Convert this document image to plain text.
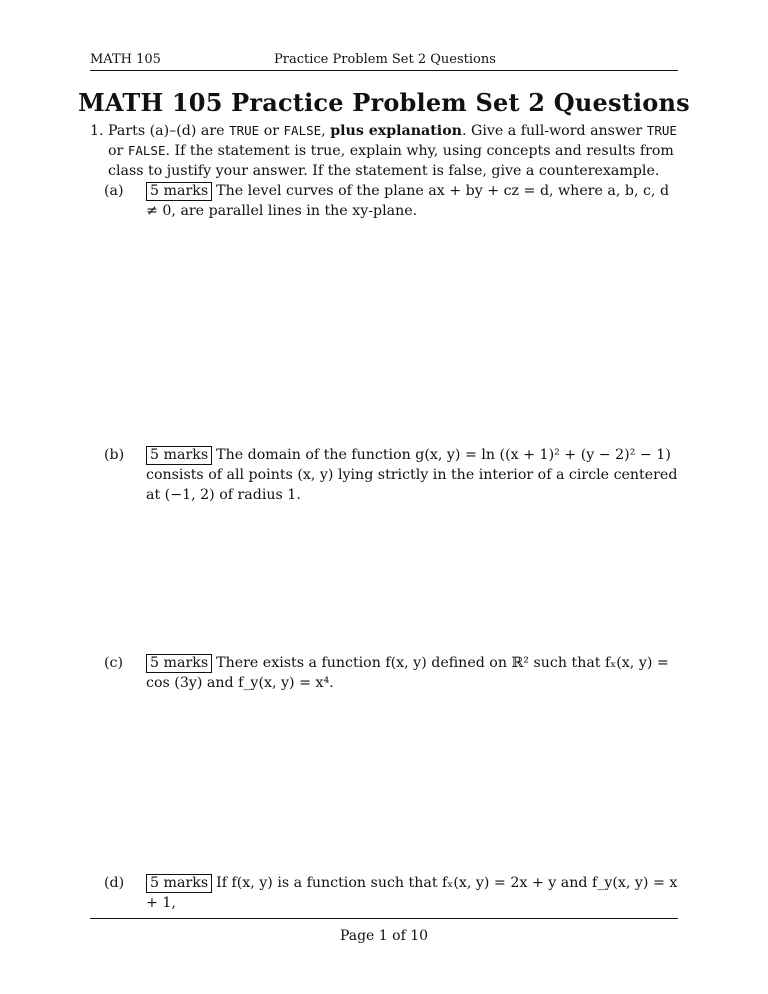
MATH 105	Practice Problem Set 2 Questions
MATH 105 Practice Problem Set 2 Questions
1. Parts (a)–(d) are TRUE or FALSE, plus explanation. Give a full-word answer TRUE or FALSE. If the statement is true, explain why, using concepts and results from class to justify your answer. If the statement is false, give a counterexample.
(a) 5 marks The level curves of the plane ax + by + cz = d, where a, b, c, d ≠ 0, are parallel lines in the xy-plane.
(b) 5 marks The domain of the function g(x, y) = ln ((x + 1)² + (y − 2)² − 1) consists of all points (x, y) lying strictly in the interior of a circle centered at (−1, 2) of radius 1.
(c) 5 marks There exists a function f(x, y) defined on ℝ² such that fₓ(x, y) = cos (3y) and f_y(x, y) = x⁴.
(d) 5 marks If f(x, y) is a function such that fₓ(x, y) = 2x + y and f_y(x, y) = x + 1,
Page 1 of 10
